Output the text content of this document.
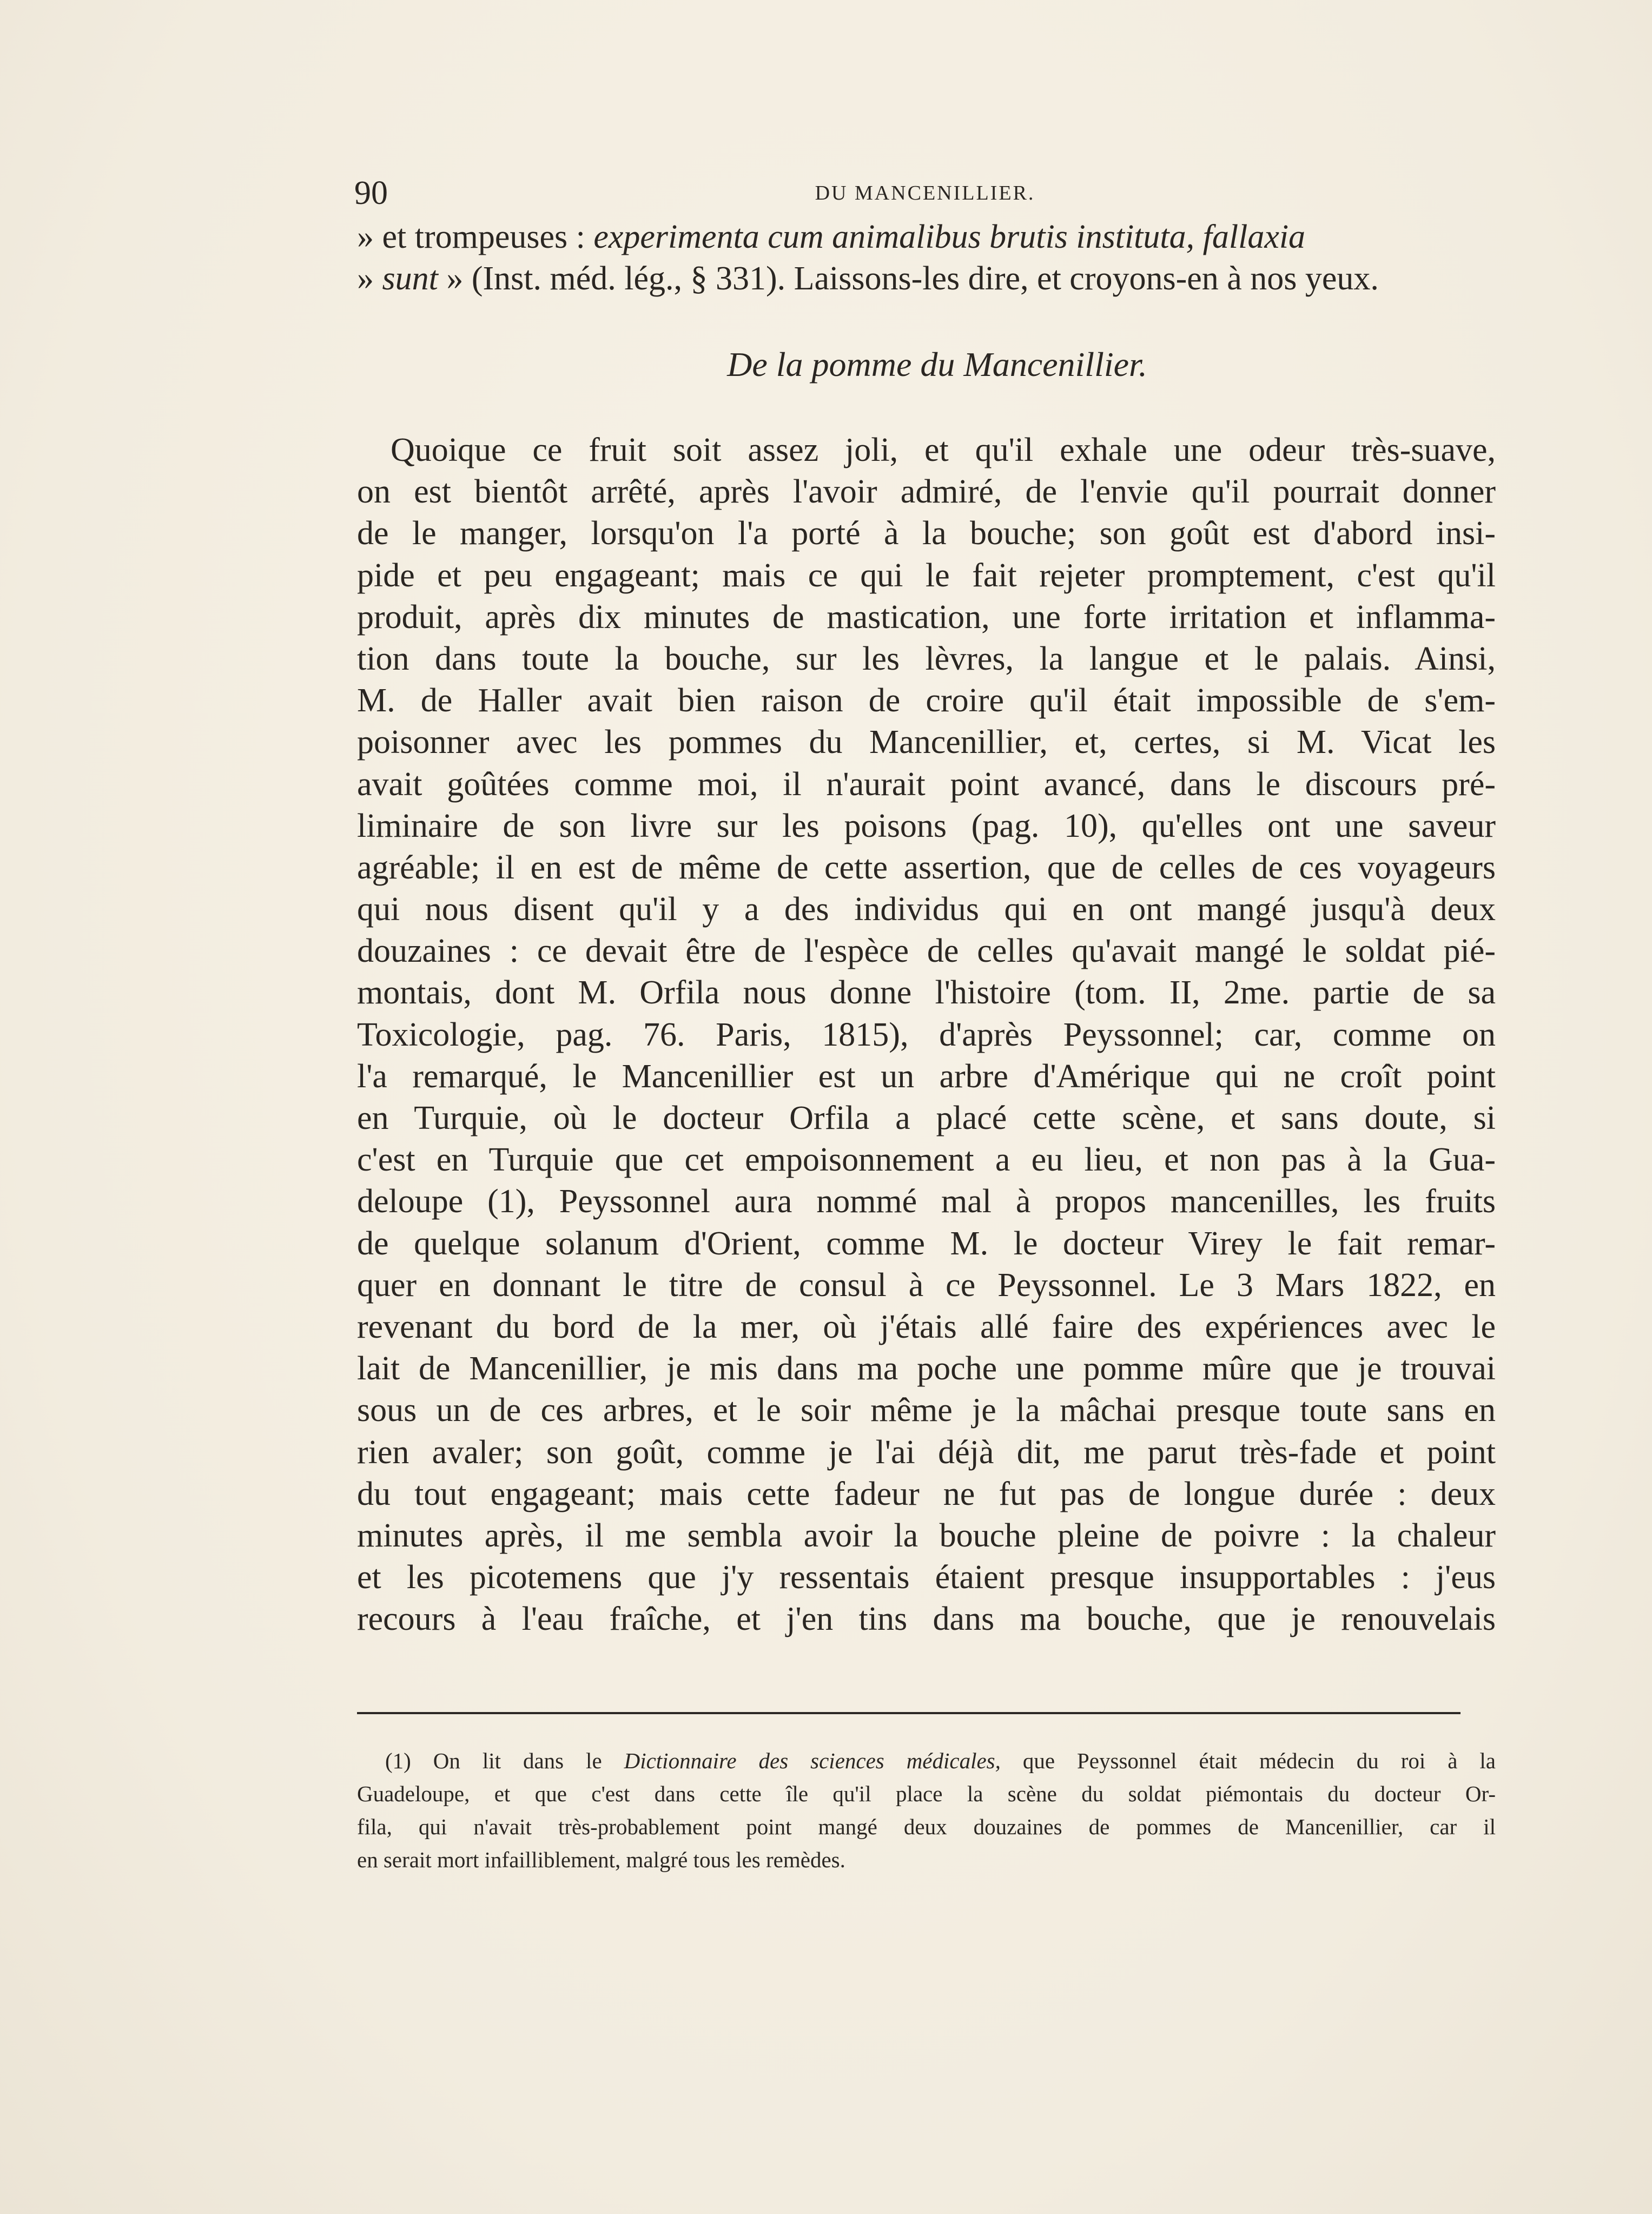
90	DU MANCENILLIER.
» et trompeuses : experimenta cum animalibus brutis instituta, fallaxia
» sunt » (Inst. méd. lég., § 331). Laissons-les dire, et croyons-en à nos yeux.
De la pomme du Mancenillier.
Quoique ce fruit soit assez joli, et qu'il exhale une odeur très-suave,
on est bientôt arrêté, après l'avoir admiré, de l'envie qu'il pourrait donner
de le manger, lorsqu'on l'a porté à la bouche; son goût est d'abord insi-
pide et peu engageant; mais ce qui le fait rejeter promptement, c'est qu'il
produit, après dix minutes de mastication, une forte irritation et inflamma-
tion dans toute la bouche, sur les lèvres, la langue et le palais. Ainsi,
M. de Haller avait bien raison de croire qu'il était impossible de s'em-
poisonner avec les pommes du Mancenillier, et, certes, si M. Vicat les
avait goûtées comme moi, il n'aurait point avancé, dans le discours pré-
liminaire de son livre sur les poisons (pag. 10), qu'elles ont une saveur
agréable; il en est de même de cette assertion, que de celles de ces voyageurs
qui nous disent qu'il y a des individus qui en ont mangé jusqu'à deux
douzaines : ce devait être de l'espèce de celles qu'avait mangé le soldat pié-
montais, dont M. Orfila nous donne l'histoire (tom. II, 2me. partie de sa
Toxicologie, pag. 76. Paris, 1815), d'après Peyssonnel; car, comme on
l'a remarqué, le Mancenillier est un arbre d'Amérique qui ne croît point
en Turquie, où le docteur Orfila a placé cette scène, et sans doute, si
c'est en Turquie que cet empoisonnement a eu lieu, et non pas à la Gua-
deloupe (1), Peyssonnel aura nommé mal à propos mancenilles, les fruits
de quelque solanum d'Orient, comme M. le docteur Virey le fait remar-
quer en donnant le titre de consul à ce Peyssonnel. Le 3 Mars 1822, en
revenant du bord de la mer, où j'étais allé faire des expériences avec le
lait de Mancenillier, je mis dans ma poche une pomme mûre que je trouvai
sous un de ces arbres, et le soir même je la mâchai presque toute sans en
rien avaler; son goût, comme je l'ai déjà dit, me parut très-fade et point
du tout engageant; mais cette fadeur ne fut pas de longue durée : deux
minutes après, il me sembla avoir la bouche pleine de poivre : la chaleur
et les picotemens que j'y ressentais étaient presque insupportables : j'eus
recours à l'eau fraîche, et j'en tins dans ma bouche, que je renouvelais
(1) On lit dans le Dictionnaire des sciences médicales, que Peyssonnel était médecin du roi à la
Guadeloupe, et que c'est dans cette île qu'il place la scène du soldat piémontais du docteur Or-
fila, qui n'avait très-probablement point mangé deux douzaines de pommes de Mancenillier, car il
en serait mort infailliblement, malgré tous les remèdes.
